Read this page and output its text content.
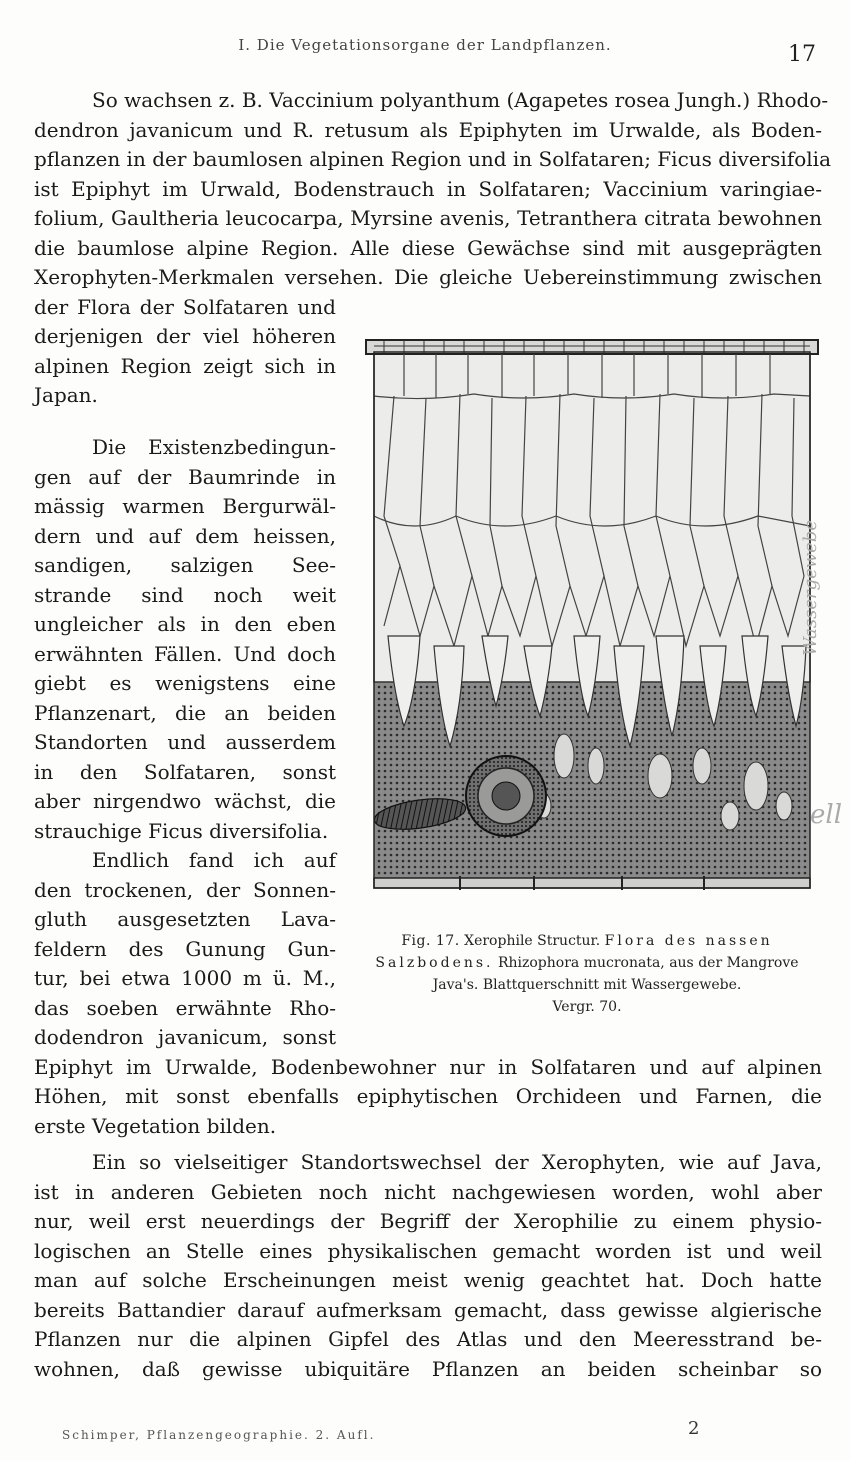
I. Die Vegetationsorgane der Landpflanzen.	17
So wachsen z. B. Vaccinium polyanthum (Agapetes rosea Jungh.) Rhodo-
dendron javanicum und R. retusum als Epiphyten im Urwalde, als Boden-
pflanzen in der baumlosen alpinen Region und in Solfataren; Ficus diversifolia
ist Epiphyt im Urwald, Bodenstrauch in Solfataren; Vaccinium varingiae-
folium, Gaultheria leucocarpa, Myrsine avenis, Tetranthera citrata bewohnen
die baumlose alpine Region. Alle diese Gewächse sind mit ausgeprägten
Xerophyten-Merkmalen versehen. Die gleiche Uebereinstimmung zwischen
der Flora der Solfataren und
derjenigen der viel höheren
alpinen Region zeigt sich in
Japan.
Die Existenzbedingun-
gen auf der Baumrinde in
mässig warmen Bergurwäl-
dern und auf dem heissen,
sandigen, salzigen See-
strande sind noch weit
ungleicher als in den eben
erwähnten Fällen. Und doch
giebt es wenigstens eine
Pflanzenart, die an beiden
Standorten und ausserdem
in den Solfataren, sonst
aber nirgendwo wächst, die
strauchige Ficus diversifolia.
Endlich fand ich auf
den trockenen, der Sonnen-
gluth ausgesetzten Lava-
feldern des Gunung Gun-
tur, bei etwa 1000 m ü. M.,
das soeben erwähnte Rho-
dodendron javanicum, sonst
Epiphyt im Urwalde, Bodenbewohner nur in Solfataren und auf alpinen
Höhen, mit sonst ebenfalls epiphytischen Orchideen und Farnen, die
erste Vegetation bilden.
Ein so vielseitiger Standortswechsel der Xerophyten, wie auf Java,
ist in anderen Gebieten noch nicht nachgewiesen worden, wohl aber
nur, weil erst neuerdings der Begriff der Xerophilie zu einem physio-
logischen an Stelle eines physikalischen gemacht worden ist und weil
man auf solche Erscheinungen meist wenig geachtet hat. Doch hatte
bereits Battandier darauf aufmerksam gemacht, dass gewisse algierische
Pflanzen nur die alpinen Gipfel des Atlas und den Meeresstrand be-
wohnen, daß gewisse ubiquitäre Pflanzen an beiden scheinbar so
Fig. 17. Xerophile Structur. Flora des nassen Salzbodens. Rhizophora mucronata, aus der Mangrove Java's. Blattquerschnitt mit Wassergewebe.
Vergr. 70.
Wassergewebe
ell
Schimper, Pflanzengeographie. 2. Aufl.	2
